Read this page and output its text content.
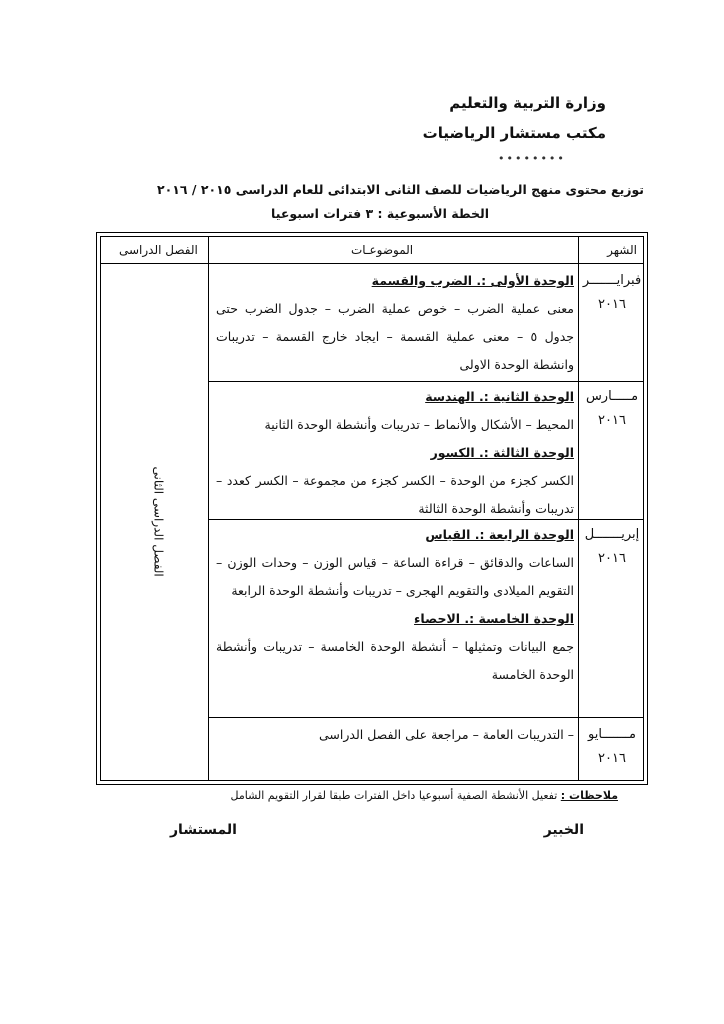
وزارة التربية والتعليم
مكتب مستشار الرياضيات
••••••••
توزيع محتوى منهج الرياضيات للصف الثانى الابتدائى للعام الدراسى ٢٠١٥ / ٢٠١٦
الخطة الأسبوعية : ٣ فترات اسبوعيا
الشهر
الموضوعـات
الفصل الدراسى
الفصل الدراسى الثانى
فبرايـــــــر
٢٠١٦

الوحدة الأولى :. الضرب والقسمة

معنى عملية الضرب – خوص عملية الضرب – جدول الضرب حتى جدول ٥ – معنى عملية القسمة – ايجاد خارج القسمة – تدريبات وانشطة الوحدة الاولى

مـــــارس
٢٠١٦

الوحدة الثانية :. الهندسة

المحيط – الأشكال والأنماط – تدريبات وأنشطة الوحدة الثانية

الوحدة الثالثة :. الكسور

الكسر كجزء من الوحدة – الكسر كجزء من مجموعة – الكسر كعدد – تدريبات وأنشطة الوحدة الثالثة

إبريـــــــل
٢٠١٦

الوحدة الرابعة :. القياس

الساعات والدقائق – قراءة الساعة – قياس الوزن – وحدات الوزن – التقويم الميلادى والتقويم الهجرى – تدريبات وأنشطة الوحدة الرابعة

الوحدة الخامسة :. الاحصاء

جمع البيانات وتمثيلها – أنشطة الوحدة الخامسة – تدريبات وأنشطة الوحدة الخامسة

مـــــــايو
٢٠١٦

– التدريبات العامة – مراجعة على الفصل الدراسى

ملاحظات : تفعيل الأنشطة الصفية أسبوعيا داخل الفترات طبقا لقرار التقويم الشامل
الخبير
المستشار
